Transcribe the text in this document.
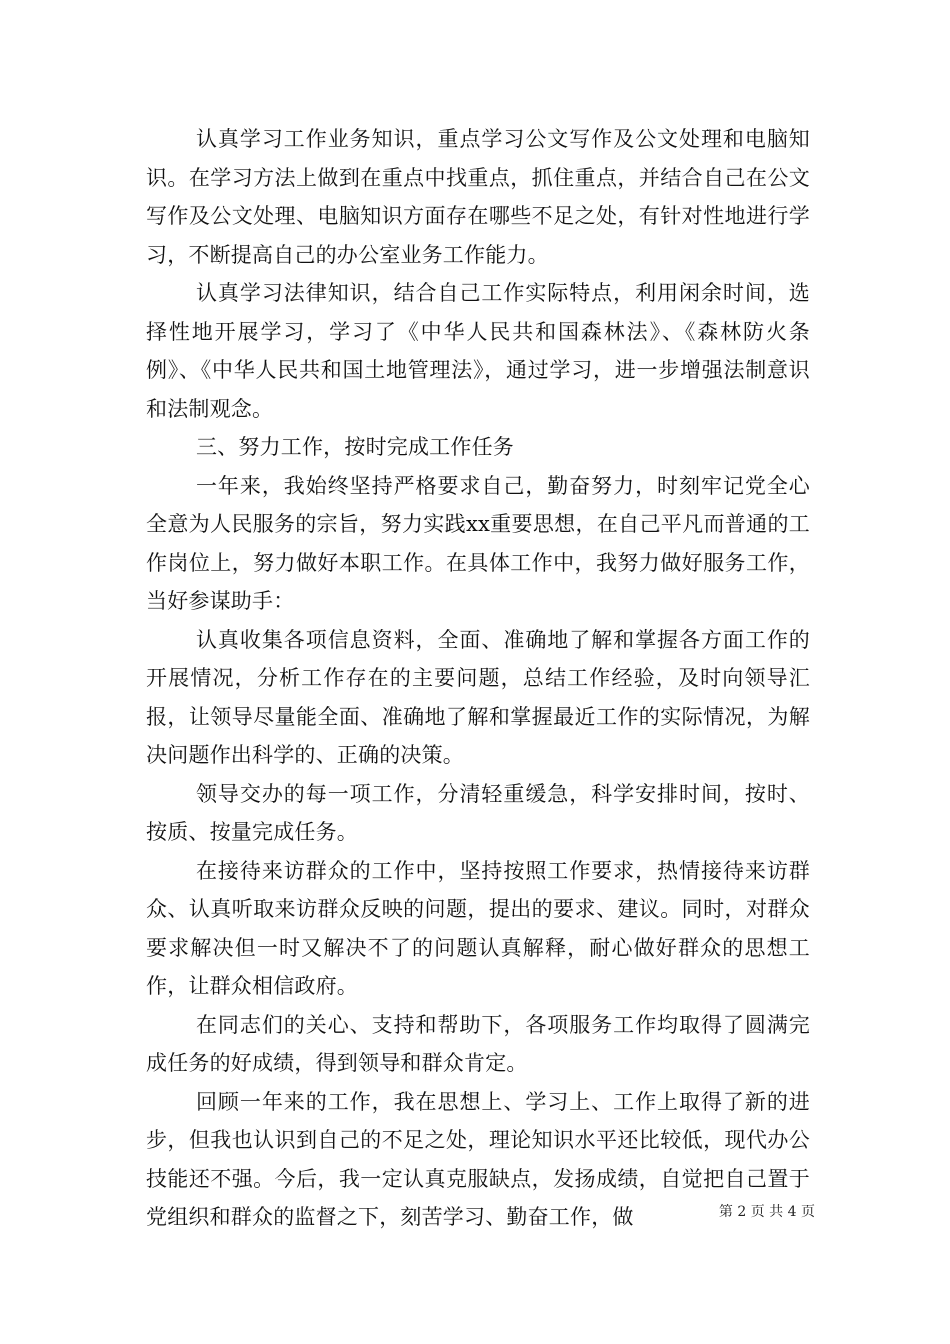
认真学习工作业务知识，重点学习公文写作及公文处理和电脑知识。在学习方法上做到在重点中找重点，抓住重点，并结合自己在公文写作及公文处理、电脑知识方面存在哪些不足之处，有针对性地进行学习，不断提高自己的办公室业务工作能力。

认真学习法律知识，结合自己工作实际特点，利用闲余时间，选择性地开展学习，学习了《中华人民共和国森林法》、《森林防火条例》、《中华人民共和国土地管理法》，通过学习，进一步增强法制意识和法制观念。

三、努力工作，按时完成工作任务

一年来，我始终坚持严格要求自己，勤奋努力，时刻牢记党全心全意为人民服务的宗旨，努力实践xx重要思想，在自己平凡而普通的工作岗位上，努力做好本职工作。在具体工作中，我努力做好服务工作，当好参谋助手：

认真收集各项信息资料，全面、准确地了解和掌握各方面工作的开展情况，分析工作存在的主要问题，总结工作经验，及时向领导汇报，让领导尽量能全面、准确地了解和掌握最近工作的实际情况，为解决问题作出科学的、正确的决策。

领导交办的每一项工作，分清轻重缓急，科学安排时间，按时、按质、按量完成任务。

在接待来访群众的工作中，坚持按照工作要求，热情接待来访群众、认真听取来访群众反映的问题，提出的要求、建议。同时，对群众要求解决但一时又解决不了的问题认真解释，耐心做好群众的思想工作，让群众相信政府。

在同志们的关心、支持和帮助下，各项服务工作均取得了圆满完成任务的好成绩，得到领导和群众肯定。

回顾一年来的工作，我在思想上、学习上、工作上取得了新的进步，但我也认识到自己的不足之处，理论知识水平还比较低，现代办公技能还不强。今后，我一定认真克服缺点，发扬成绩，自觉把自己置于党组织和群众的监督之下，刻苦学习、勤奋工作，做	第 2 页 共 4 页
